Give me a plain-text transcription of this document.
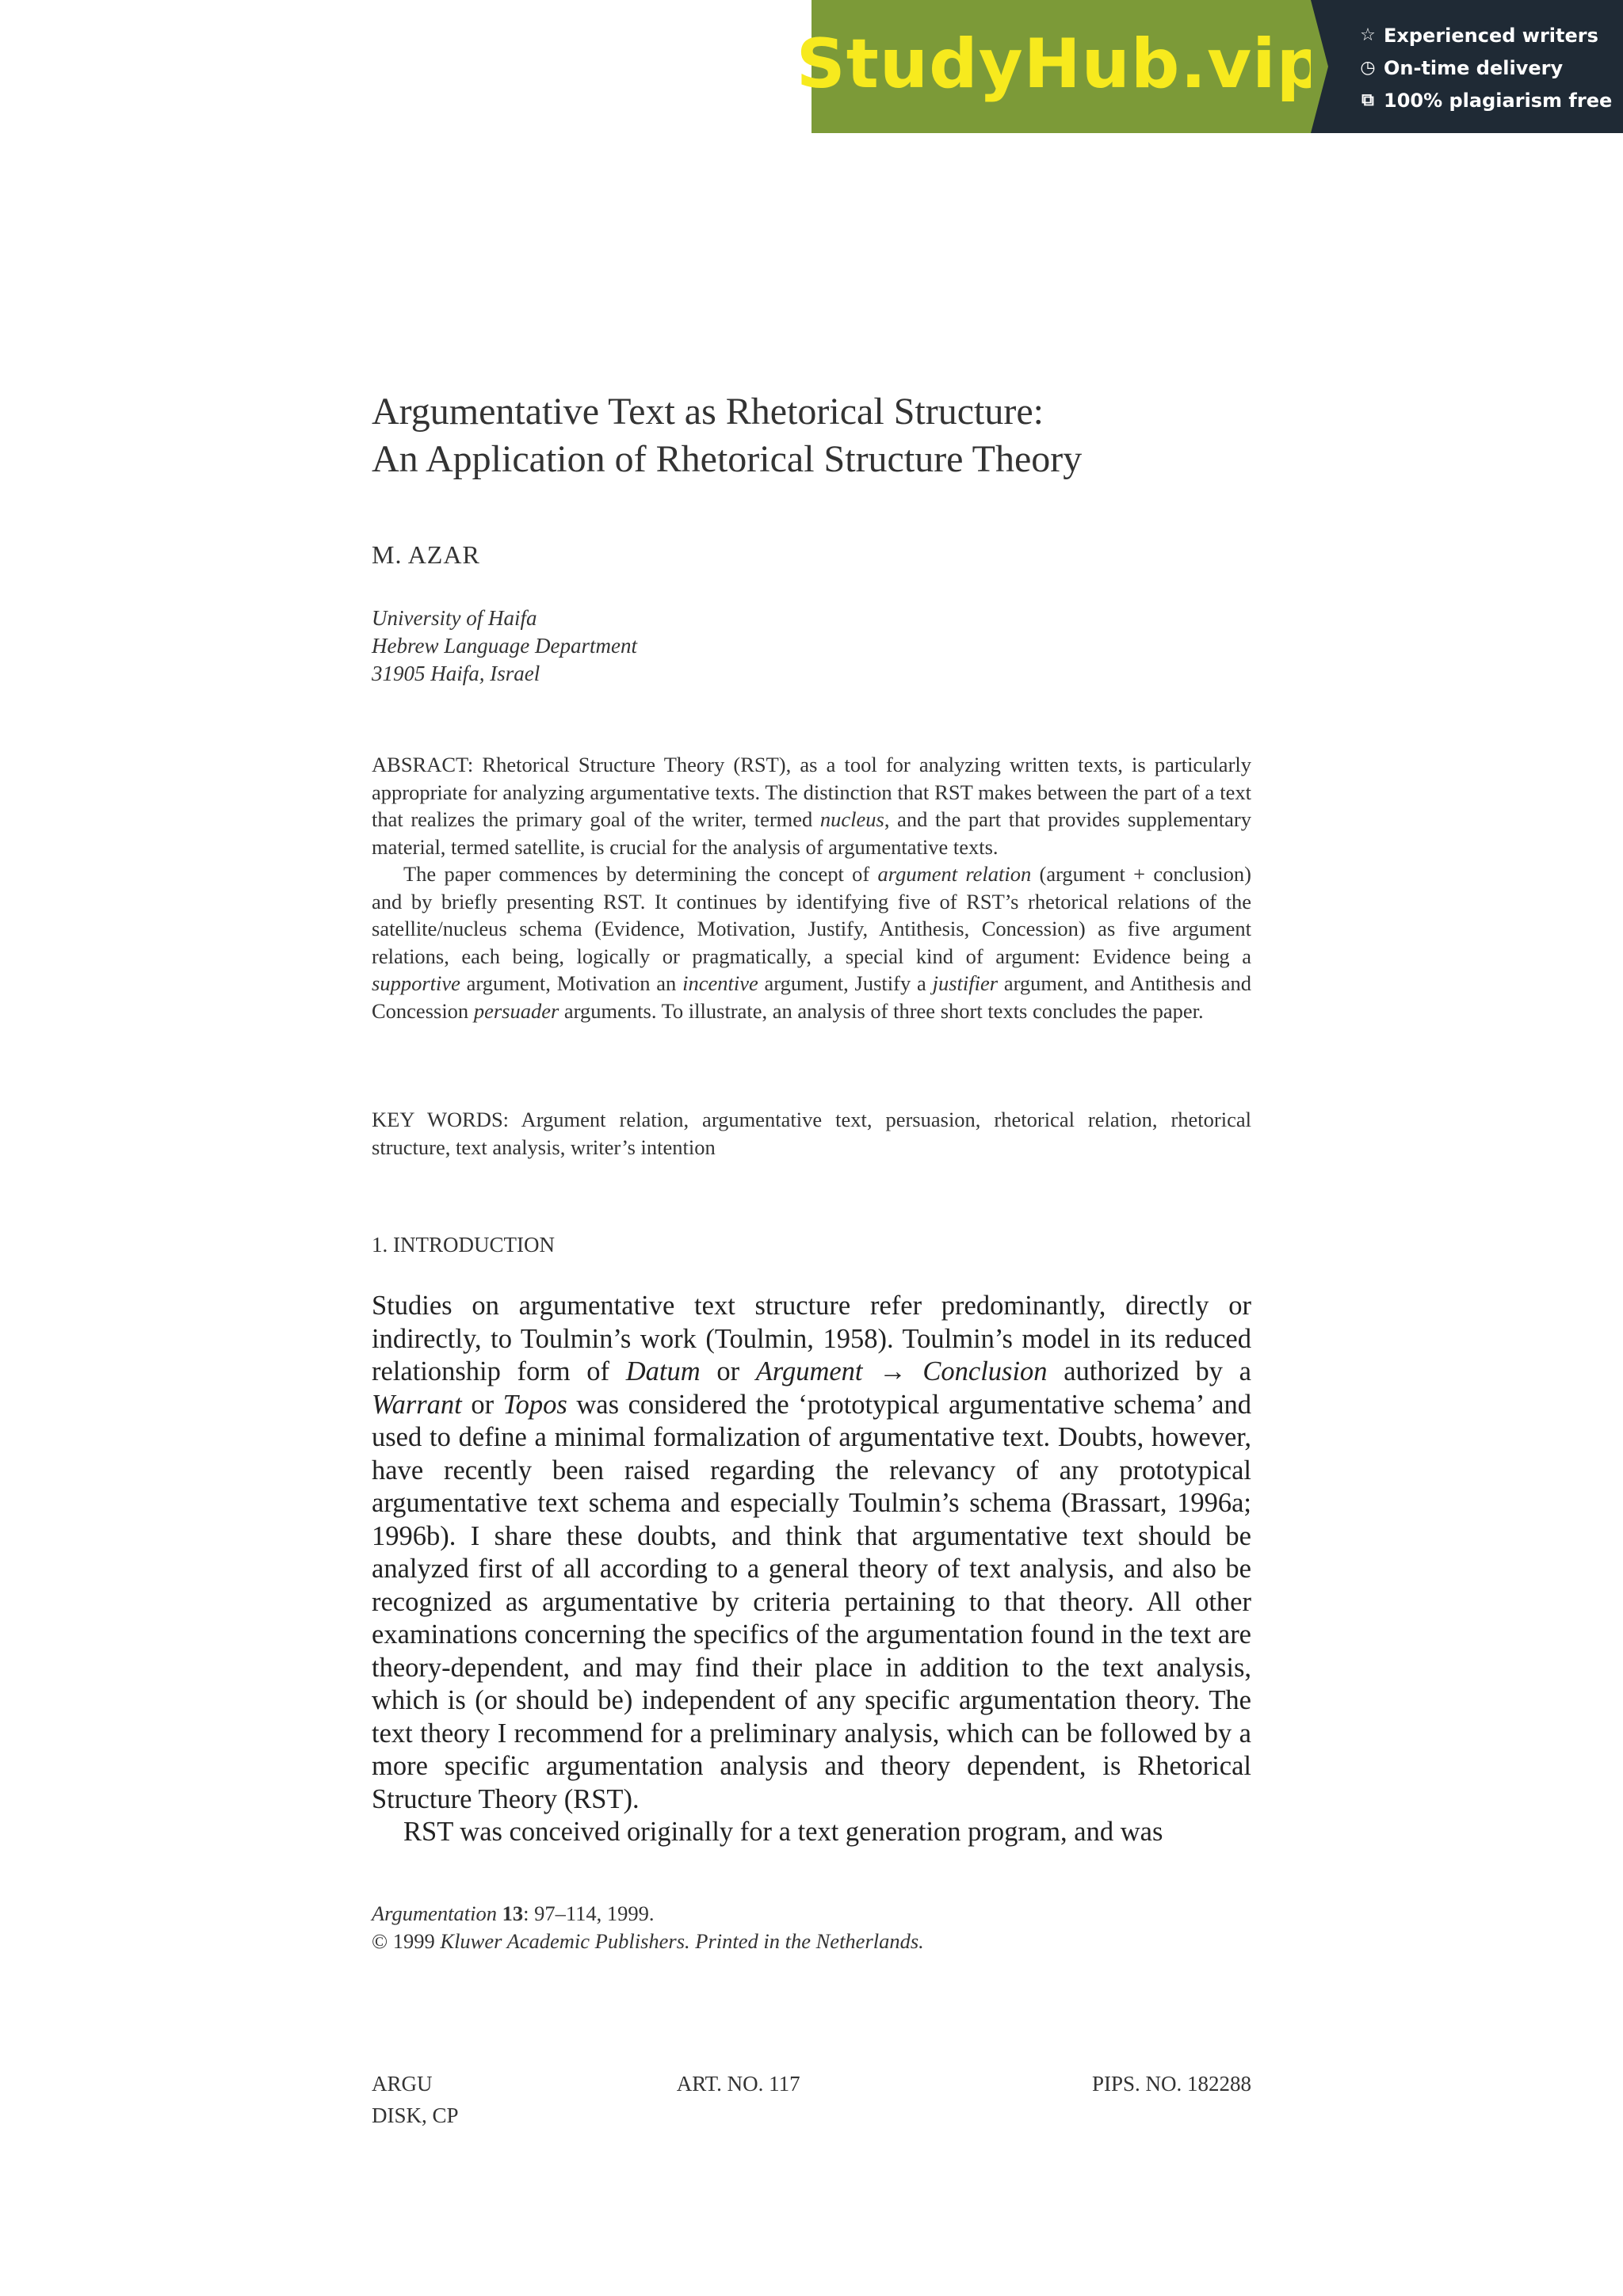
StudyHub.vip ☆ Experienced writers
◷ On-time delivery
⧉ 100% plagiarism free
Argumentative Text as Rhetorical Structure:
An Application of Rhetorical Structure Theory
M. AZAR
University of Haifa
Hebrew Language Department
31905 Haifa, Israel

ABSRACT: Rhetorical Structure Theory (RST), as a tool for analyzing written texts, is particularly appropriate for analyzing argumentative texts. The distinction that RST makes between the part of a text that realizes the primary goal of the writer, termed nucleus, and the part that provides supplementary material, termed satellite, is crucial for the analysis of argumentative texts.

The paper commences by determining the concept of argument relation (argument + conclusion) and by briefly presenting RST. It continues by identifying five of RST’s rhetorical relations of the satellite/nucleus schema (Evidence, Motivation, Justify, Antithesis, Concession) as five argument relations, each being, logically or pragmatically, a special kind of argument: Evidence being a supportive argument, Motivation an incentive argument, Justify a justifier argument, and Antithesis and Concession persuader arguments. To illustrate, an analysis of three short texts concludes the paper.

KEY WORDS: Argument relation, argumentative text, persuasion, rhetorical relation, rhetorical structure, text analysis, writer’s intention
1. INTRODUCTION

Studies on argumentative text structure refer predominantly, directly or indirectly, to Toulmin’s work (Toulmin, 1958). Toulmin’s model in its reduced relationship form of Datum or Argument → Conclusion authorized by a Warrant or Topos was considered the ‘prototypical argumentative schema’ and used to define a minimal formalization of argumentative text. Doubts, however, have recently been raised regarding the relevancy of any prototypical argumentative text schema and especially Toulmin’s schema (Brassart, 1996a; 1996b). I share these doubts, and think that argumentative text should be analyzed first of all according to a general theory of text analysis, and also be recognized as argumentative by criteria pertaining to that theory. All other examinations concerning the specifics of the argumentation found in the text are theory-dependent, and may find their place in addition to the text analysis, which is (or should be) independent of any specific argumentation theory. The text theory I recommend for a preliminary analysis, which can be followed by a more specific argumentation analysis and theory dependent, is Rhetorical Structure Theory (RST).

RST was conceived originally for a text generation program, and was

Argumentation 13: 97–114, 1999.
© 1999 Kluwer Academic Publishers. Printed in the Netherlands.
ARGU	ART. NO. 117	PIPS. NO. 182288
DISK, CP
